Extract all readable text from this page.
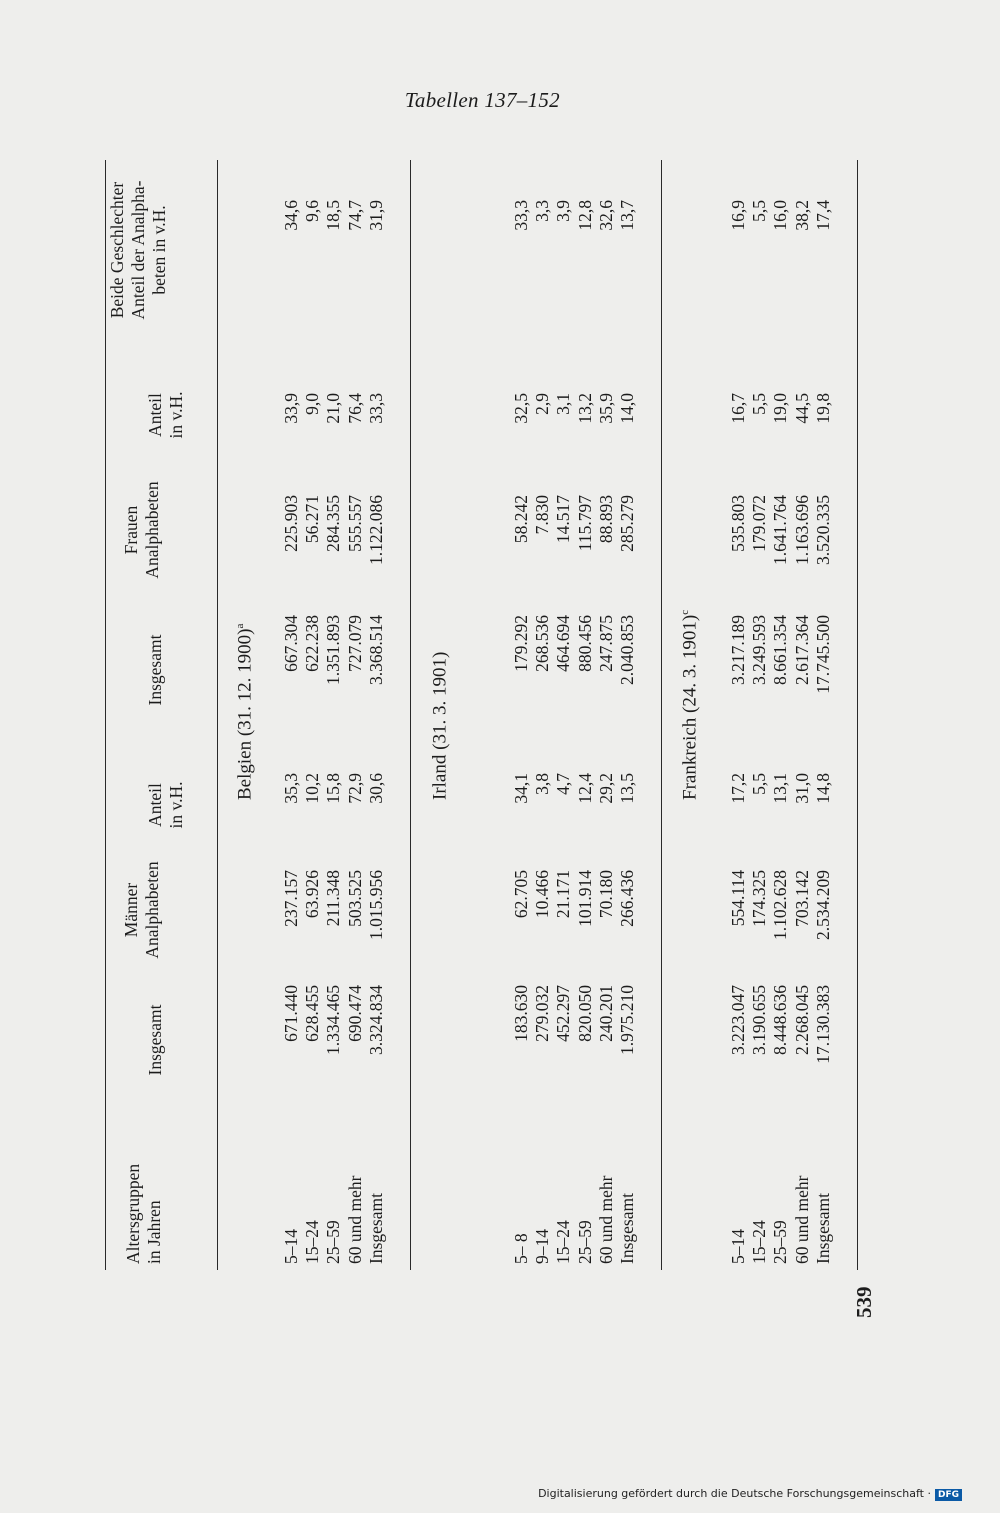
Tabellen 137–152
Altersgruppen in Jahren
Insgesamt
Männer Analphabeten
Anteil in v.H.
Insgesamt
Frauen Analphabeten
Anteil in v.H.
Beide Geschlechter Anteil der Analpha- beten in v.H.
Belgien (31. 12. 1900)$^a$
5–14
671.440
237.157
35,3
667.304
225.903
33,9
34,6
15–24
628.455
63.926
10,2
622.238
56.271
9,0
9,6
25–59
1.334.465
211.348
15,8
1.351.893
284.355
21,0
18,5
60 und mehr
690.474
503.525
72,9
727.079
555.557
76,4
74,7
Insgesamt
3.324.834
1.015.956
30,6
3.368.514
1.122.086
33,3
31,9
Irland (31. 3. 1901)
5– 8
183.630
62.705
34,1
179.292
58.242
32,5
33,3
9–14
279.032
10.466
3,8
268.536
7.830
2,9
3,3
15–24
452.297
21.171
4,7
464.694
14.517
3,1
3,9
25–59
820.050
101.914
12,4
880.456
115.797
13,2
12,8
60 und mehr
240.201
70.180
29,2
247.875
88.893
35,9
32,6
Insgesamt
1.975.210
266.436
13,5
2.040.853
285.279
14,0
13,7
Frankreich (24. 3. 1901)$^c$
5–14
3.223.047
554.114
17,2
3.217.189
535.803
16,7
16,9
15–24
3.190.655
174.325
5,5
3.249.593
179.072
5,5
5,5
25–59
8.448.636
1.102.628
13,1
8.661.354
1.641.764
19,0
16,0
60 und mehr
2.268.045
703.142
31,0
2.617.364
1.163.696
44,5
38,2
Insgesamt
17.130.383
2.534.209
14,8
17.745.500
3.520.335
19,8
17,4
539
Digitalisierung gefördert durch die Deutsche Forschungsgemeinschaft · DFG
